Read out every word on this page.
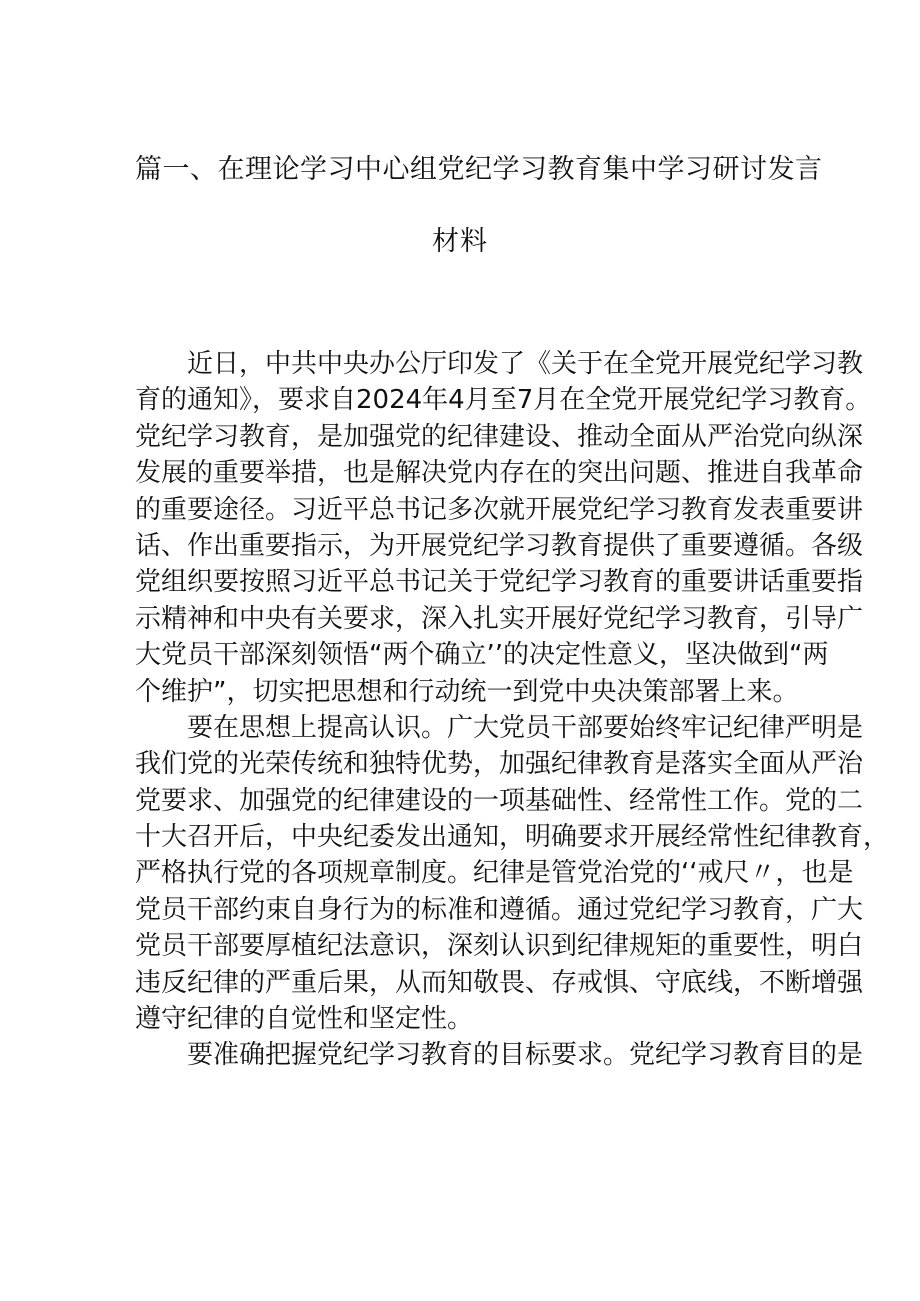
篇一、在理论学习中心组党纪学习教育集中学习研讨发言
材料
近日，中共中央办公厅印发了《关于在全党开展党纪学习教
育的通知》，要求自2024年4月至7月在全党开展党纪学习教育。
党纪学习教育，是加强党的纪律建设、推动全面从严治党向纵深
发展的重要举措，也是解决党内存在的突出问题、推进自我革命
的重要途径。习近平总书记多次就开展党纪学习教育发表重要讲
话、作出重要指示，为开展党纪学习教育提供了重要遵循。各级
党组织要按照习近平总书记关于党纪学习教育的重要讲话重要指
示精神和中央有关要求，深入扎实开展好党纪学习教育，引导广
大党员干部深刻领悟“两个确立’’的决定性意义，坚决做到“两
个维护”，切实把思想和行动统一到党中央决策部署上来。
要在思想上提高认识。广大党员干部要始终牢记纪律严明是
我们党的光荣传统和独特优势，加强纪律教育是落实全面从严治
党要求、加强党的纪律建设的一项基础性、经常性工作。党的二
十大召开后，中央纪委发出通知，明确要求开展经常性纪律教育，
严格执行党的各项规章制度。纪律是管党治党的‘‘戒尺〃，也是
党员干部约束自身行为的标准和遵循。通过党纪学习教育，广大
党员干部要厚植纪法意识，深刻认识到纪律规矩的重要性，明白
违反纪律的严重后果，从而知敬畏、存戒惧、守底线，不断增强
遵守纪律的自觉性和坚定性。
要准确把握党纪学习教育的目标要求。党纪学习教育目的是
